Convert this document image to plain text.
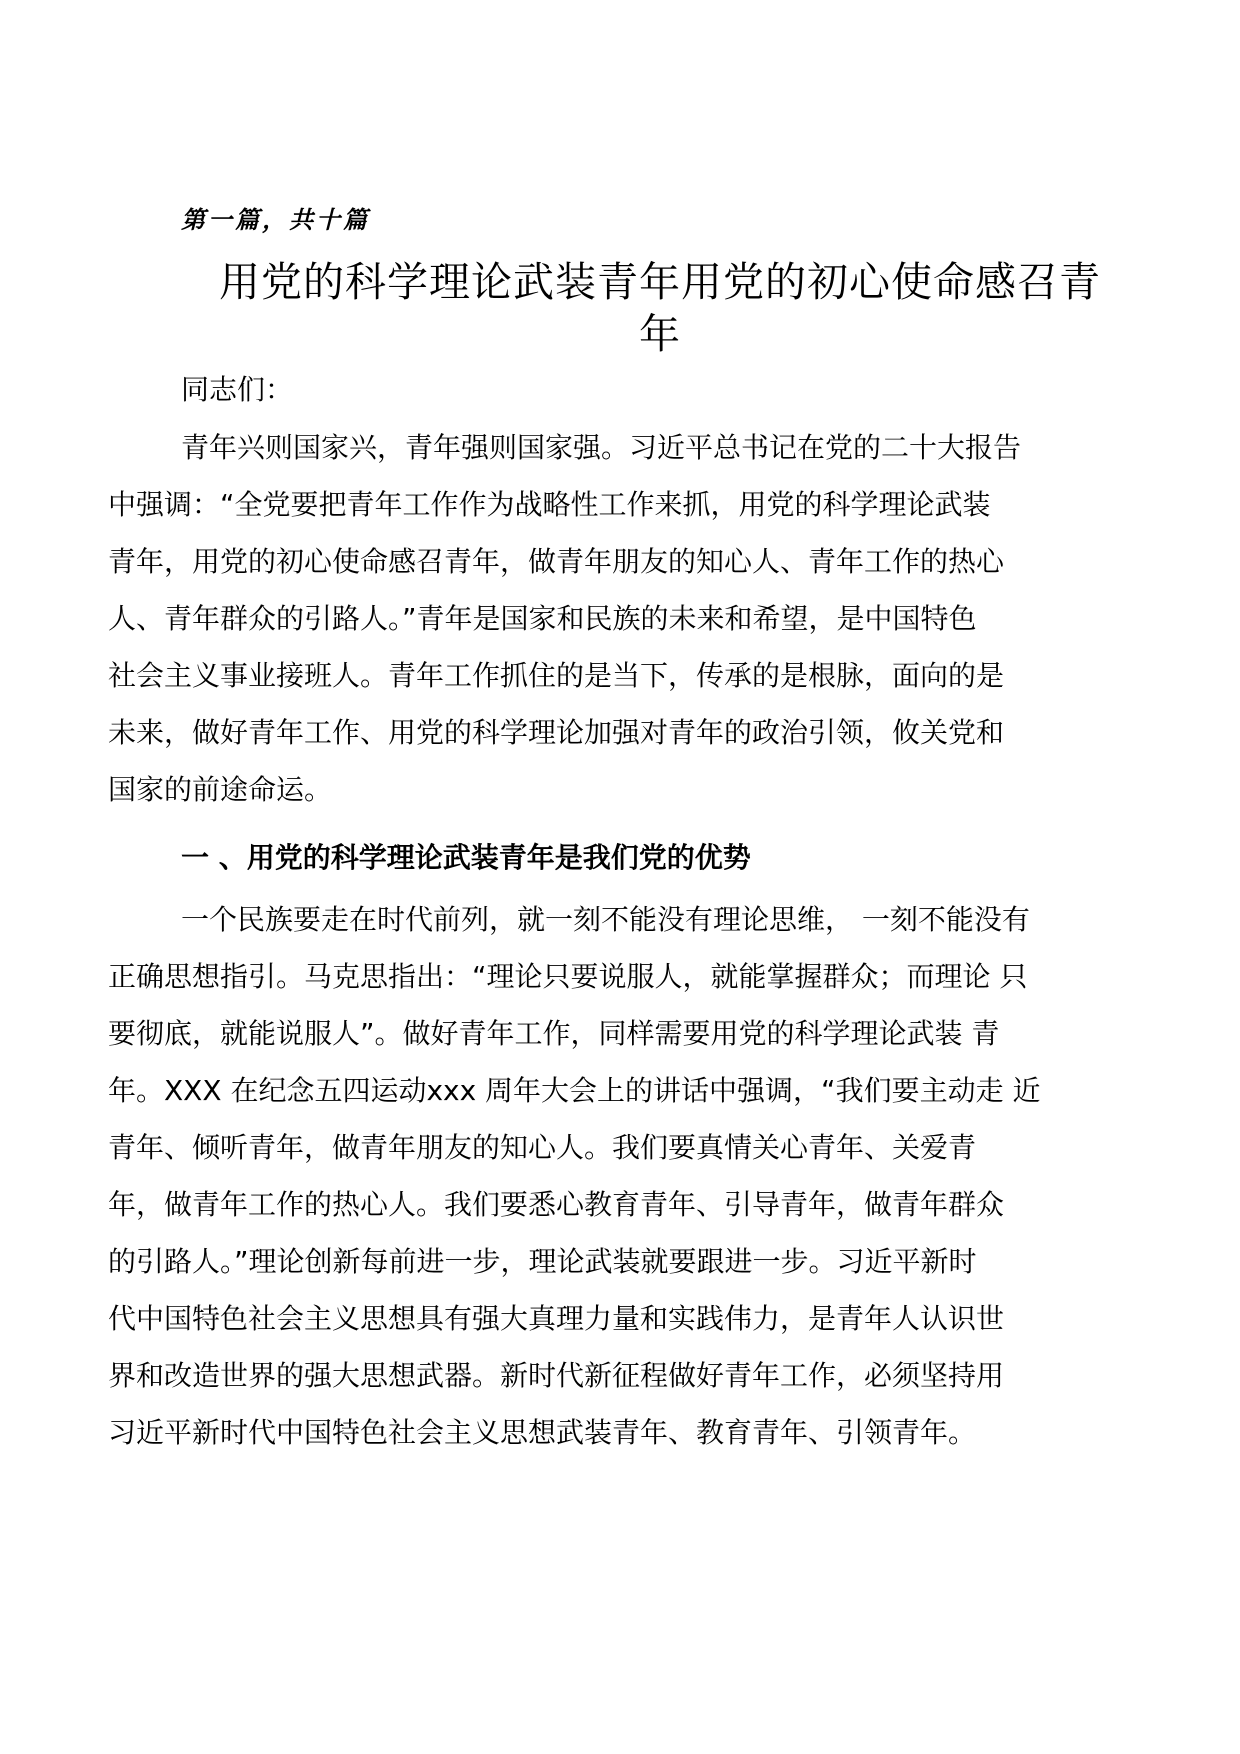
第一篇，共十篇
用党的科学理论武装青年用党的初心使命感召青
年

同志们：

青年兴则国家兴，青年强则国家强。习近平总书记在党的二十大报告

中强调：“全党要把青年工作作为战略性工作来抓，用党的科学理论武装

青年，用党的初心使命感召青年，做青年朋友的知心人、青年工作的热心

人、青年群众的引路人。”青年是国家和民族的未来和希望，是中国特色

社会主义事业接班人。青年工作抓住的是当下，传承的是根脉，面向的是

未来，做好青年工作、用党的科学理论加强对青年的政治引领，攸关党和

国家的前途命运。

一 、用党的科学理论武装青年是我们党的优势

一个民族要走在时代前列，就一刻不能没有理论思维， 一刻不能没有

正确思想指引。马克思指出：“理论只要说服人，就能掌握群众；而理论 只

要彻底，就能说服人”。做好青年工作，同样需要用党的科学理论武装 青

年。XXX 在纪念五四运动xxx 周年大会上的讲话中强调，“我们要主动走 近

青年、倾听青年，做青年朋友的知心人。我们要真情关心青年、关爱青

年，做青年工作的热心人。我们要悉心教育青年、引导青年，做青年群众

的引路人。”理论创新每前进一步，理论武装就要跟进一步。习近平新时

代中国特色社会主义思想具有强大真理力量和实践伟力，是青年人认识世

界和改造世界的强大思想武器。新时代新征程做好青年工作，必须坚持用

习近平新时代中国特色社会主义思想武装青年、教育青年、引领青年。
